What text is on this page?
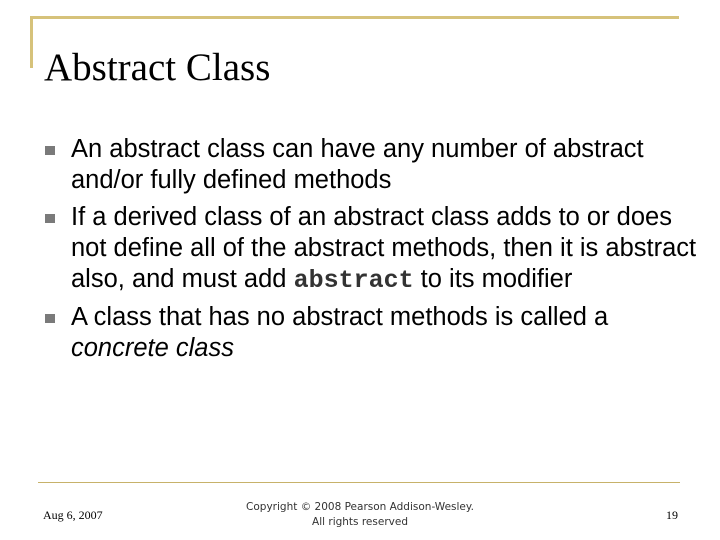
Abstract Class
An abstract class can have any number of abstract and/or fully defined methods
If a derived class of an abstract class adds to or does not define all of the abstract methods, then it is abstract also, and must add abstract to its modifier
A class that has no abstract methods is called a concrete class
Aug 6, 2007
Copyright © 2008 Pearson Addison-Wesley.
All rights reserved	19
